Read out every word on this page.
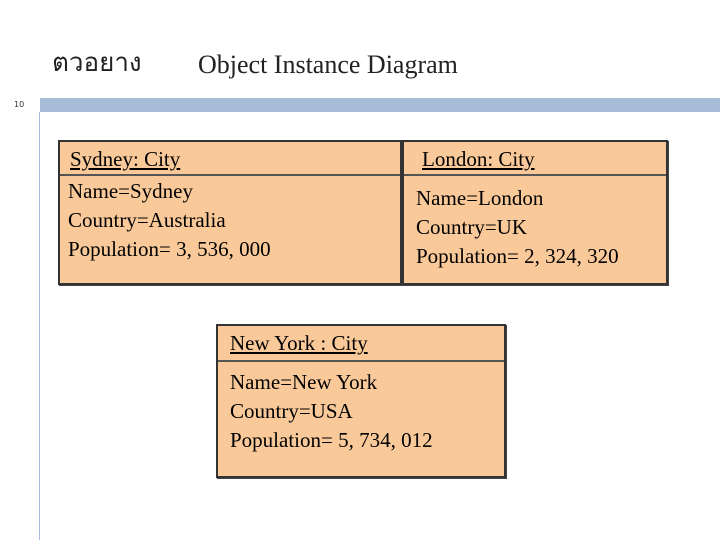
ตวอยาง Object Instance Diagram
10
Sydney: City
Name=Sydney
Country=Australia
Population= 3, 536, 000
London: City
Name=London
Country=UK
Population= 2, 324, 320
New York : City
Name=New York
Country=USA
Population= 5, 734, 012
